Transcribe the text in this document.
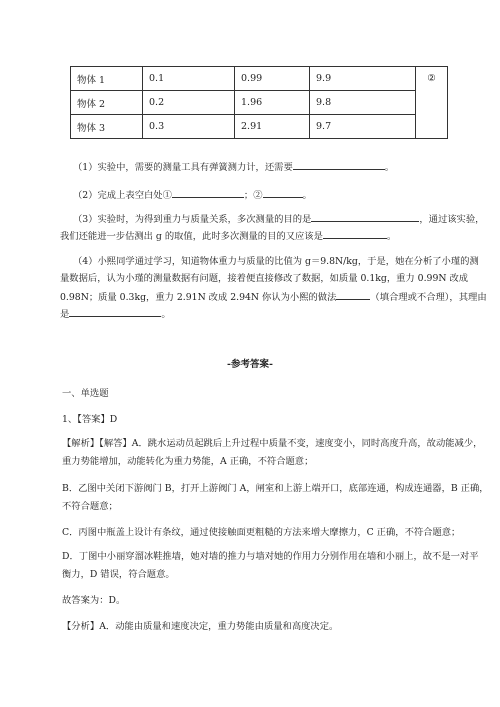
物体 1	0.1	0.99	9.9	②
物体 2	0.2	1.96	9.8	
物体 3	0.3	2.91	9.7	
（1）实验中，需要的测量工具有弹簧测力计，还需要	。
（2）完成上表空白处①	；②	。
（3）实验时，为得到重力与质量关系，多次测量的目的是	，通过该实验，
我们还能进一步估测出 g 的取值，此时多次测量的目的又应该是	。
（4）小熙同学通过学习，知道物体重力与质量的比值为 g＝9.8N/kg，于是，她在分析了小瑾的测
量数据后，认为小瑾的测量数据有问题，接着便直接修改了数据，如质量 0.1kg，重力 0.99N 改成
0.98N；质量 0.3kg，重力 2.91N 改成 2.94N 你认为小熙的做法	（填合理或不合理），其理由
是	。
-参考答案-
一、单选题
1、【答案】D
【解析】【解答】A．跳水运动员起跳后上升过程中质量不变，速度变小，同时高度升高，故动能减少，
重力势能增加，动能转化为重力势能，A 正确，不符合题意；
B．乙图中关闭下游阀门 B，打开上游阀门 A，闸室和上游上端开口，底部连通，构成连通器，B 正确，
不符合题意；
C．丙图中瓶盖上设计有条纹，通过使接触面更粗糙的方法来增大摩擦力，C 正确，不符合题意；
D．丁图中小丽穿溜冰鞋推墙，她对墙的推力与墙对她的作用力分别作用在墙和小丽上，故不是一对平
衡力，D 错误，符合题意。
故答案为：D。
【分析】A．动能由质量和速度决定，重力势能由质量和高度决定。
